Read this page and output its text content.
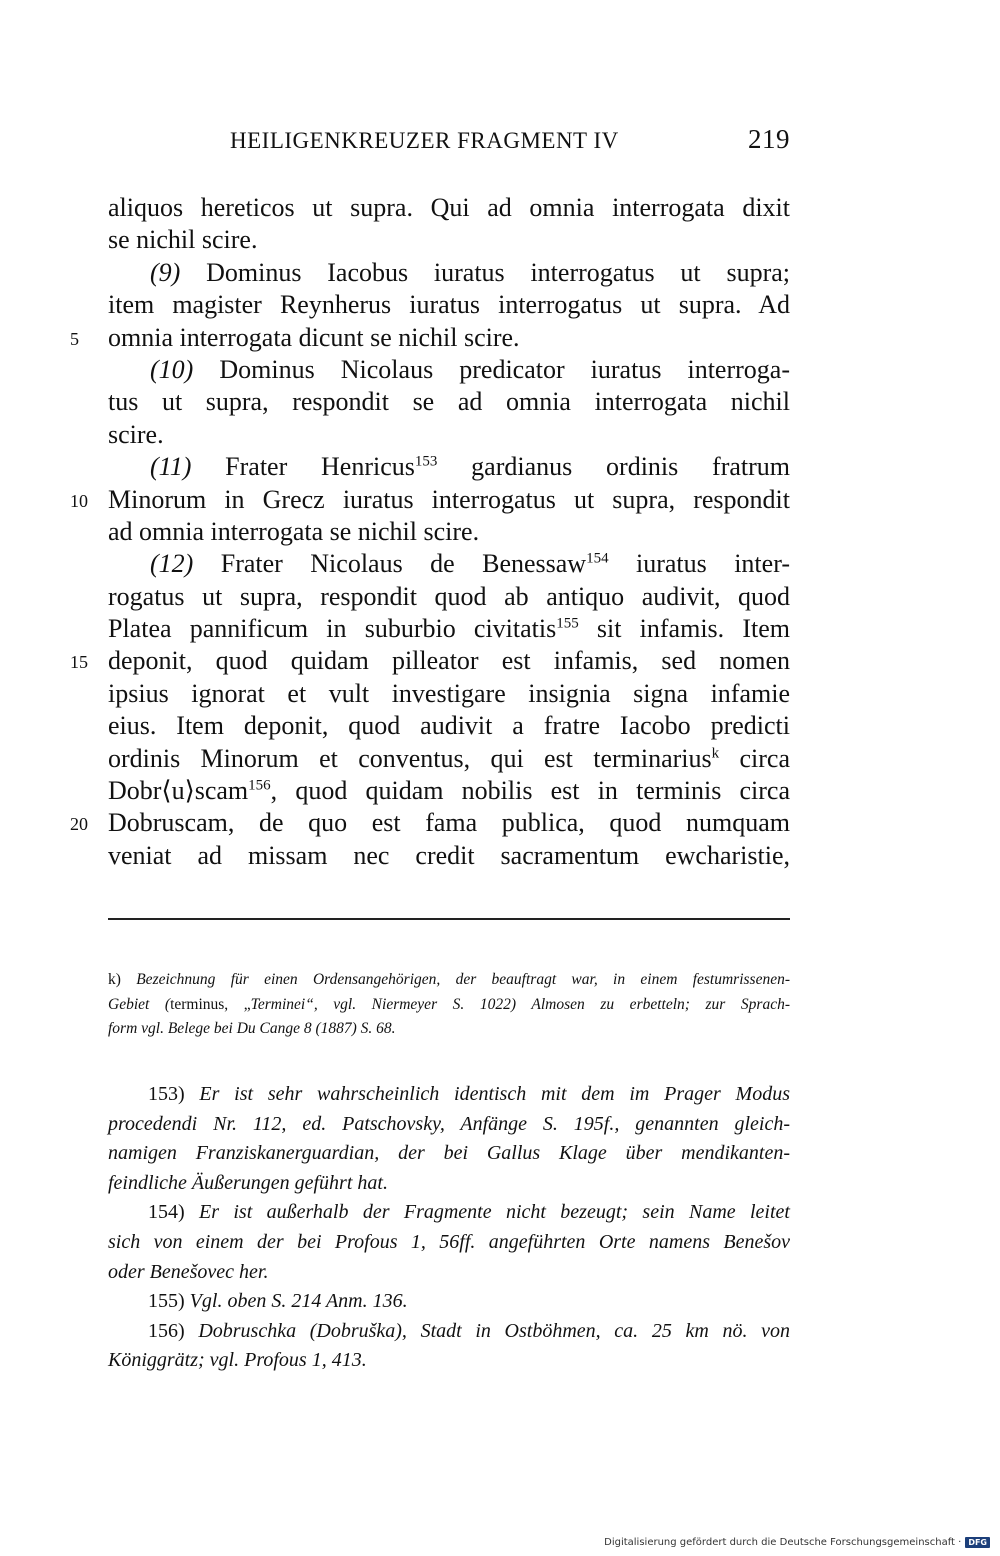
HEILIGENKREUZER FRAGMENT IV	219
aliquos hereticos ut supra. Qui ad omnia interrogata dixit
se nichil scire.
(9) Dominus Iacobus iuratus interrogatus ut supra;
item magister Reynherus iuratus interrogatus ut supra. Ad
5	omnia interrogata dicunt se nichil scire.
(10) Dominus Nicolaus predicator iuratus interroga-
tus ut supra, respondit se ad omnia interrogata nichil
scire.
(11) Frater Henricus$^{153}$ gardianus ordinis fratrum
10 Minorum in Grecz iuratus interrogatus ut supra, respondit
ad omnia interrogata se nichil scire.
(12) Frater Nicolaus de Benessaw$^{154}$ iuratus inter-
rogatus ut supra, respondit quod ab antiquo audivit, quod
Platea pannificum in suburbio civitatis$^{155}$ sit infamis. Item
15 deponit, quod quidam pilleator est infamis, sed nomen
ipsius ignorat et vult investigare insignia signa infamie
eius. Item deponit, quod audivit a fratre Iacobo predicti
ordinis Minorum et conventus, qui est terminarius$^k$ circa
Dobr⟨u⟩scam$^{156}$, quod quidam nobilis est in terminis circa
20 Dobruscam, de quo est fama publica, quod numquam
veniat ad missam nec credit sacramentum ewcharistie,
k) Bezeichnung für einen Ordensangehörigen, der beauftragt war, in einem festumrissenen-
Gebiet (terminus, „Terminei“, vgl. Niermeyer S. 1022) Almosen zu erbetteln; zur Sprach-
form vgl. Belege bei Du Cange 8 (1887) S. 68.
153) Er ist sehr wahrscheinlich identisch mit dem im Prager Modus
procedendi Nr. 112, ed. Patschovsky, Anfänge S. 195f., genannten gleich-
namigen Franziskanerguardian, der bei Gallus Klage über mendikanten-
feindliche Äußerungen geführt hat.
154) Er ist außerhalb der Fragmente nicht bezeugt; sein Name leitet
sich von einem der bei Profous 1, 56ff. angeführten Orte namens Benešov
oder Benešovec her.
155) Vgl. oben S. 214 Anm. 136.
156) Dobruschka (Dobruška), Stadt in Ostböhmen, ca. 25 km nö. von
Königgrätz; vgl. Profous 1, 413.
Digitalisierung gefördert durch die Deutsche Forschungsgemeinschaft · DFG
